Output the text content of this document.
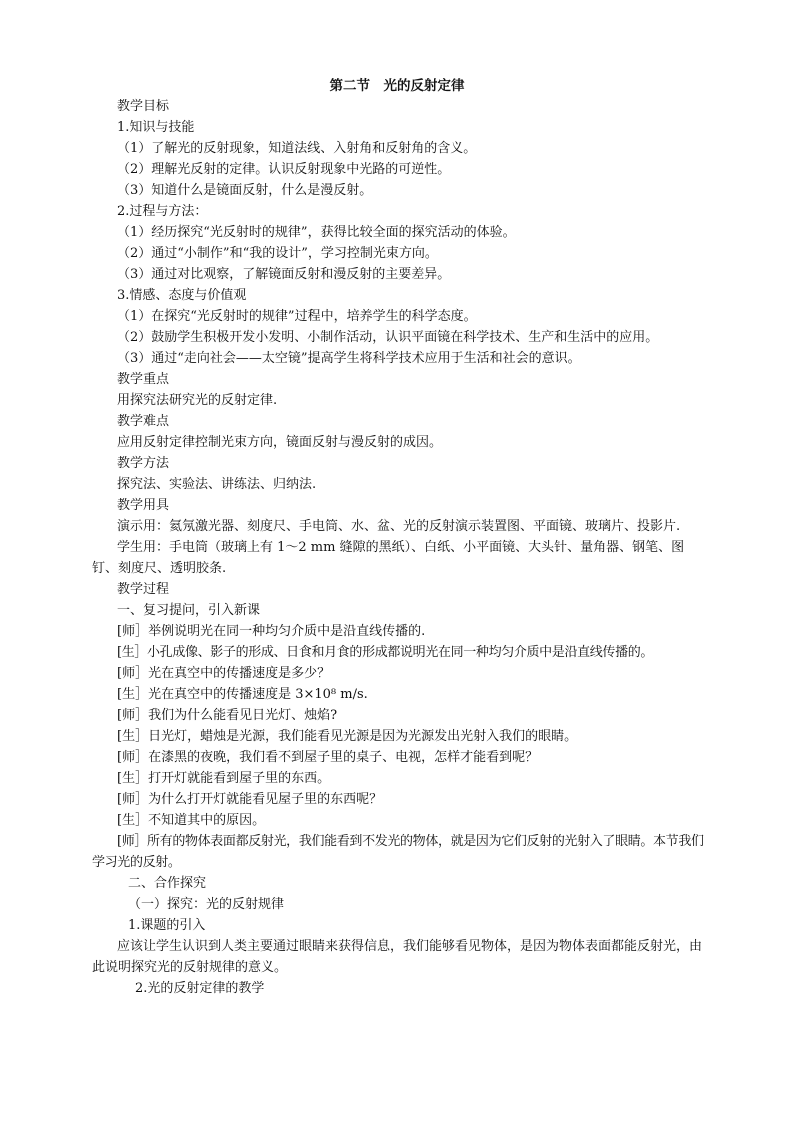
第二节　光的反射定律

教学目标

1.知识与技能

（1）了解光的反射现象，知道法线、入射角和反射角的含义。

（2）理解光反射的定律。认识反射现象中光路的可逆性。

（3）知道什么是镜面反射，什么是漫反射。

2.过程与方法：

（1）经历探究“光反射时的规律”，获得比较全面的探究活动的体验。

（2）通过“小制作”和“我的设计”，学习控制光束方向。

（3）通过对比观察，了解镜面反射和漫反射的主要差异。

3.情感、态度与价值观

（1）在探究“光反射时的规律”过程中，培养学生的科学态度。

（2）鼓励学生积极开发小发明、小制作活动，认识平面镜在科学技术、生产和生活中的应用。

（3）通过“走向社会——太空镜”提高学生将科学技术应用于生活和社会的意识。

教学重点

用探究法研究光的反射定律.

教学难点

应用反射定律控制光束方向，镜面反射与漫反射的成因。

教学方法

探究法、实验法、讲练法、归纳法.

教学用具

演示用：氦氖激光器、刻度尺、手电筒、水、盆、光的反射演示装置图、平面镜、玻璃片、投影片.

学生用：手电筒（玻璃上有 1～2 mm 缝隙的黑纸）、白纸、小平面镜、大头针、量角器、钢笔、图钉、刻度尺、透明胶条.

教学过程

一、复习提问，引入新课

[师］举例说明光在同一种均匀介质中是沿直线传播的.

[生］小孔成像、影子的形成、日食和月食的形成都说明光在同一种均匀介质中是沿直线传播的。

[师］光在真空中的传播速度是多少？

[生］光在真空中的传播速度是 3×10⁸ m/s.

[师］我们为什么能看见日光灯、烛焰?

[生］日光灯，蜡烛是光源，我们能看见光源是因为光源发出光射入我们的眼睛。

[师］在漆黑的夜晚，我们看不到屋子里的桌子、电视，怎样才能看到呢？

[生］打开灯就能看到屋子里的东西。

[师］为什么打开灯就能看见屋子里的东西呢？

[生］不知道其中的原因。

[师］所有的物体表面都反射光，我们能看到不发光的物体，就是因为它们反射的光射入了眼睛。本节我们学习光的反射。

二、合作探究

（一）探究：光的反射规律

1.课题的引入

应该让学生认识到人类主要通过眼睛来获得信息，我们能够看见物体，是因为物体表面都能反射光，由此说明探究光的反射规律的意义。

2.光的反射定律的教学
